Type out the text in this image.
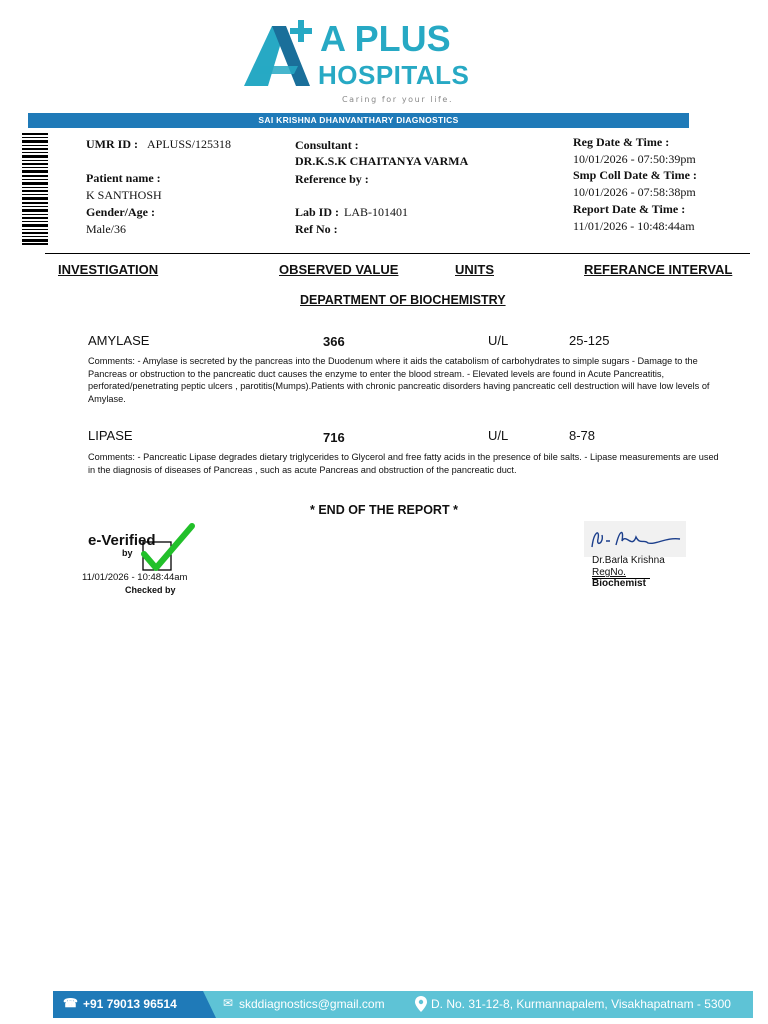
A PLUS
HOSPITALS
Caring for your life.
SAI KRISHNA DHANVANTHARY DIAGNOSTICS
UMR ID : APLUSS/125318
Patient name :
K SANTHOSH
Gender/Age :
Male/36
Consultant :
DR.K.S.K CHAITANYA VARMA
Reference by :
Lab ID : LAB-101401
Ref No :
Reg Date & Time :
10/01/2026 - 07:50:39pm
Smp Coll Date & Time :
10/01/2026 - 07:58:38pm
Report Date & Time :
11/01/2026 - 10:48:44am
INVESTIGATION	OBSERVED VALUE	UNITS	REFERANCE INTERVAL
DEPARTMENT OF BIOCHEMISTRY
AMYLASE	366	U/L	25-125
Comments: - Amylase is secreted by the pancreas into the Duodenum where it aids the catabolism of carbohydrates to simple sugars - Damage to the Pancreas or obstruction to the pancreatic duct causes the enzyme to enter the blood stream. - Elevated levels are found in Acute Pancreatitis, perforated/penetrating peptic ulcers , parotitis(Mumps).Patients with chronic pancreatic disorders having pancreatic cell destruction will have low levels of Amylase.
LIPASE	716	U/L	8-78
Comments: - Pancreatic Lipase degrades dietary triglycerides to Glycerol and free fatty acids in the presence of bile salts. - Lipase measurements are used in the diagnosis of diseases of Pancreas , such as acute Pancreas and obstruction of the pancreatic duct.
* END OF THE REPORT *
e-Verified
by
11/01/2026 - 10:48:44am
Checked by
Dr.Barla Krishna
RegNo.
Biochemist
☎ +91 79013 96514	✉ skddiagnostics@gmail.com	D. No. 31-12-8, Kurmannapalem, Visakhapatnam - 5300
